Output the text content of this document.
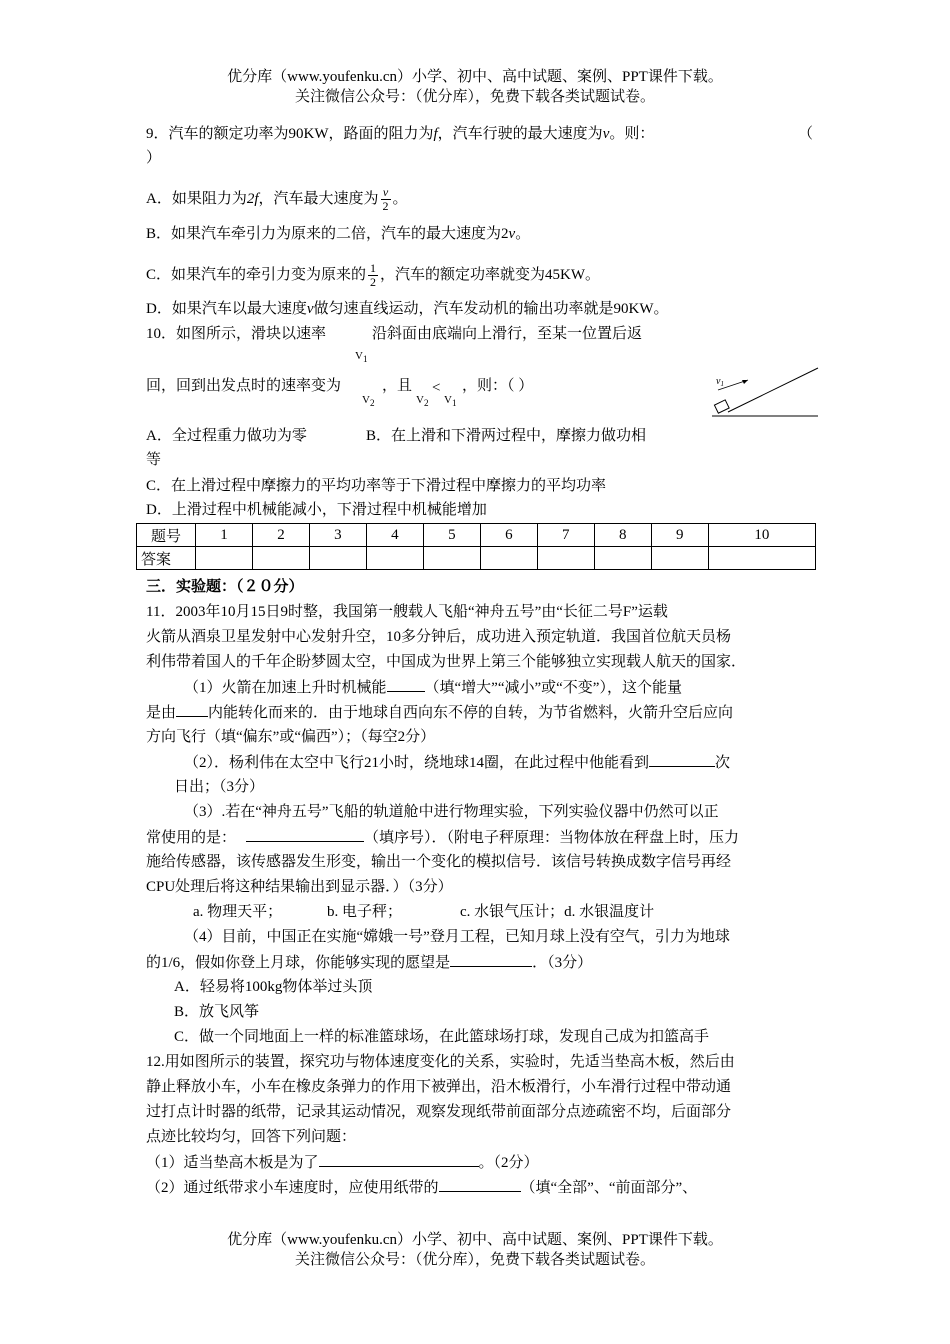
优分库（www.youfenku.cn）小学、初中、高中试题、案例、PPT课件下载。
关注微信公众号：（优分库），免费下载各类试题试卷。
9．汽车的额定功率为90KW，路面的阻力为f，汽车行驶的最大速度为v。则：	（
）
A．如果阻力为2f，汽车最大速度为 $\frac{v}{2}$ 。
B．如果汽车牵引力为原来的二倍，汽车的最大速度为2v。
C．如果汽车的牵引力变为原来的 $\frac{1}{2}$ ，汽车的额定功率就变为45KW。
D．如果汽车以最大速度v做匀速直线运动，汽车发动机的输出功率就是90KW。
10．如图所示，滑块以速率	沿斜面由底端向上滑行，至某一位置后返
$V_1$
回，回到出发点时的速率变为
$V_2$
，且
$V_2$
<
$V_1$
，则：（ ）	$v_1$
A．全过程重力做功为零	B．在上滑和下滑两过程中，摩擦力做功相
等
C．在上滑过程中摩擦力的平均功率等于下滑过程中摩擦力的平均功率
D．上滑过程中机械能减小，下滑过程中机械能增加
题号	1	2	3	4	5	6	7	8	9	10
答案										
三．实验题：（２０分）
11．2003年10月15日9时整，我国第一艘载人飞船“神舟五号”由“长征二号F”运载
火箭从酒泉卫星发射中心发射升空，10多分钟后，成功进入预定轨道．我国首位航天员杨
利伟带着国人的千年企盼梦圆太空，中国成为世界上第三个能够独立实现载人航天的国家．
（1）火箭在加速上升时机械能	（填“增大”“减小”或“不变”），这个能量
是由 内能转化而来的．由于地球自西向东不停的自转，为节省燃料，火箭升空后应向
方向飞行（填“偏东”或“偏西”）；（每空2分）
（2）．杨利伟在太空中飞行21小时，绕地球14圈，在此过程中他能看到	次
日出；（3分）
（3）.若在“神舟五号”飞船的轨道舱中进行物理实验，下列实验仪器中仍然可以正
常使用的是：	（填序号）．（附电子秤原理：当物体放在秤盘上时，压力
施给传感器，该传感器发生形变，输出一个变化的模拟信号．该信号转换成数字信号再经
CPU处理后将这种结果输出到显示器．）（3分）
a. 物理天平；	b. 电子秤；	c. 水银气压计；d. 水银温度计
（4）目前，中国正在实施“嫦娥一号”登月工程，已知月球上没有空气，引力为地球
的1/6，假如你登上月球，你能够实现的愿望是	．（3分）
A．轻易将100kg物体举过头顶
B．放飞风筝
C．做一个同地面上一样的标准篮球场，在此篮球场打球，发现自己成为扣篮高手
12.用如图所示的装置，探究功与物体速度变化的关系，实验时，先适当垫高木板，然后由
静止释放小车，小车在橡皮条弹力的作用下被弹出，沿木板滑行，小车滑行过程中带动通
过打点计时器的纸带，记录其运动情况，观察发现纸带前面部分点迹疏密不均，后面部分
点迹比较均匀，回答下列问题：
（1）适当垫高木板是为了	。（2分）
（2）通过纸带求小车速度时，应使用纸带的	（填“全部”、“前面部分”、
优分库（www.youfenku.cn）小学、初中、高中试题、案例、PPT课件下载。
关注微信公众号：（优分库），免费下载各类试题试卷。
